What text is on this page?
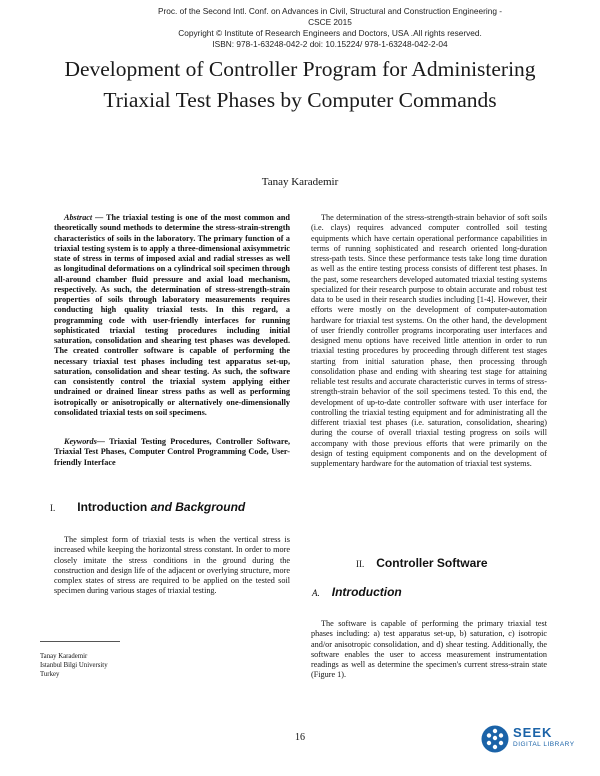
Proc. of the Second Intl. Conf. on Advances in Civil, Structural and Construction Engineering - CSCE 2015
Copyright © Institute of Research Engineers and Doctors, USA .All rights reserved.
ISBN: 978-1-63248-042-2 doi: 10.15224/ 978-1-63248-042-2-04
Development of Controller Program for Administering Triaxial Test Phases by Computer Commands
Tanay Karademir

Abstract — The triaxial testing is one of the most common and theoretically sound methods to determine the stress-strain-strength characteristics of soils in the laboratory. The primary function of a triaxial testing system is to apply a three-dimensional axisymmetric state of stress in terms of imposed axial and radial stresses as well as longitudinal deformations on a cylindrical soil specimen through all-around chamber fluid pressure and axial load mechanism, respectively. As such, the determination of stress-strength-strain properties of soils through laboratory measurements requires conducting high quality triaxial tests. In this regard, a programming code with user-friendly interfaces for running sophisticated triaxial testing procedures including initial saturation, consolidation and shearing test phases was developed. The created controller software is capable of performing the necessary triaxial test phases including test apparatus set-up, saturation, consolidation and shear testing. As such, the software can consistently control the triaxial system applying either undrained or drained linear stress paths as well as performing isotropically or anisotropically or alternatively one-dimensionally consolidated triaxial tests on soil specimens.

Keywords— Triaxial Testing Procedures, Controller Software, Triaxial Test Phases, Computer Control Programming Code, User-friendly Interface

I. Introduction and Background

The simplest form of triaxial tests is when the vertical stress is increased while keeping the horizontal stress constant. In order to more closely imitate the stress conditions in the ground during the construction and design life of the adjacent or overlying structure, more complex states of stress are required to be applied on the tested soil specimen during various stages of triaxial testing.

Tanay Karademir
Istanbul Bilgi University
Turkey

The determination of the stress-strength-strain behavior of soft soils (i.e. clays) requires advanced computer controlled soil testing equipments which have certain operational performance capabilities in terms of running sophisticated and research oriented long-duration stress-path tests. Since these performance tests take long time duration as well as the entire testing process consists of different test phases. In the past, some researchers developed automated triaxial testing systems specialized for their research purpose to obtain accurate and robust test data to be used in their research studies including [1-4]. However, their efforts were mostly on the development of computer-automation hardware for triaxial test systems. On the other hand, the development of user friendly controller programs incorporating user interfaces and designed menu options have received little attention in order to run triaxial testing procedures by proceeding through different test stages starting from initial saturation phase, then processing through consolidation phase and ending with shearing test stage for attaining reliable test results and accurate characteristic curves in terms of stress-strength-strain behavior of the soil specimens tested. To this end, the development of up-to-date controller software with user interface for controlling the triaxial testing equipment and for administrating all the different triaxial test phases (i.e. saturation, consolidation, shearing) during the course of overall triaxial testing progress on soils will accompany with those previous efforts that were primarily on the design of testing equipment components and on the development of supplementary hardware for the automation of triaxial test systems.

II. Controller Software
A. Introduction

The software is capable of performing the primary triaxial test phases including: a) test apparatus set-up, b) saturation, c) isotropic and/or anisotropic consolidation, and d) shear testing. Additionally, the software enables the user to access measurement instrumentation readings as well as determine the specimen's current stress-strain state (Figure 1).

16	SEEK
DIGITAL LIBRARY
